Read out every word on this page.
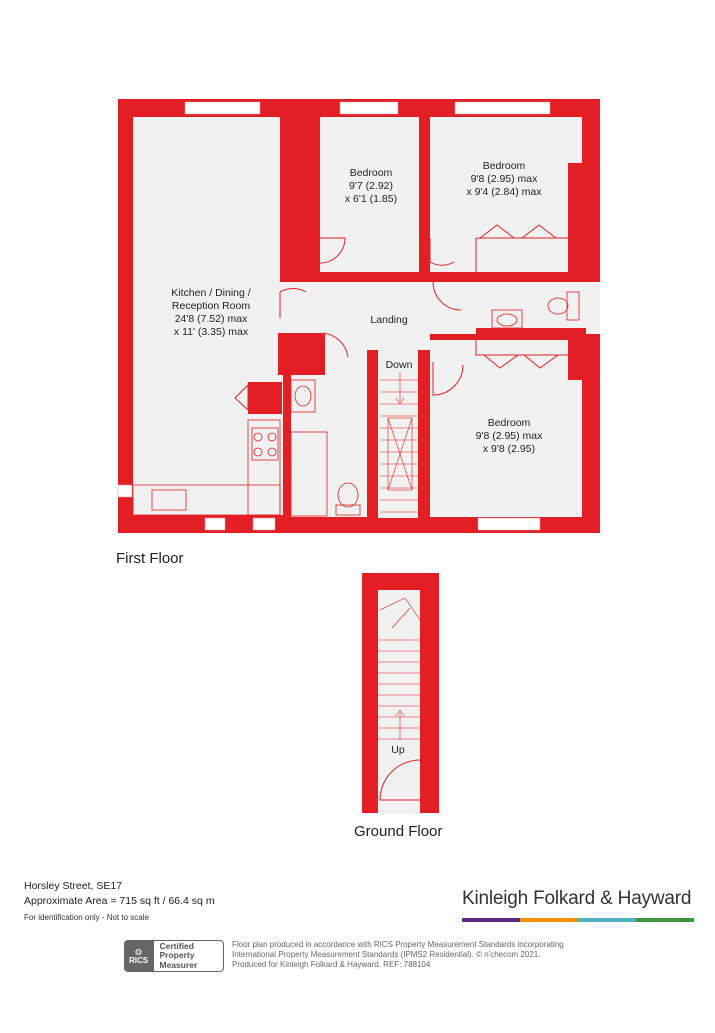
Kitchen / Dining /
Reception Room
24'8 (7.52) max
x 11' (3.35) max
Bedroom
9'7 (2.92)
x 6'1 (1.85)
Bedroom
9'8 (2.95) max
x 9'4 (2.84) max
Bedroom
9'8 (2.95) max
x 9'8 (2.95)
Landing
Down
Up
First Floor
Ground Floor
Horsley Street, SE17
Approximate Area = 715 sq ft / 66.4 sq m
For identification only - Not to scale
Kinleigh Folkard & Hayward
◍
RICS
Certified
Property
Measurer
Floor plan produced in accordance with RICS Property Measurement Standards incorporating
International Property Measurement Standards (IPMS2 Residential). © n'checom 2021.
Produced for Kinleigh Folkard & Hayward. REF: 788104
